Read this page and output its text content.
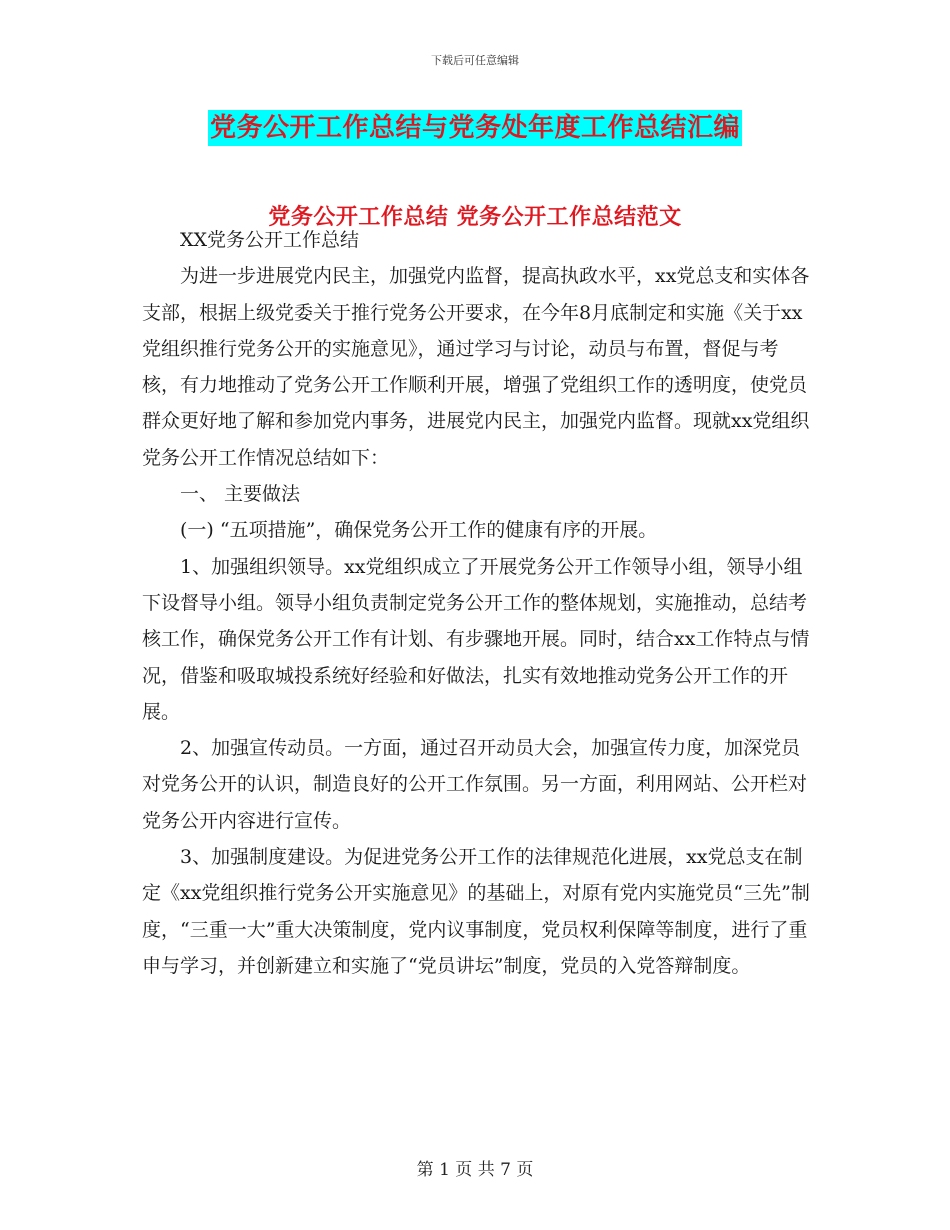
下载后可任意编辑
党务公开工作总结与党务处年度工作总结汇编
党务公开工作总结 党务公开工作总结范文

XX党务公开工作总结

为进一步进展党内民主，加强党内监督，提高执政水平，xx党总支和实体各支部，根据上级党委关于推行党务公开要求，在今年8月底制定和实施《关于xx党组织推行党务公开的实施意见》，通过学习与讨论，动员与布置，督促与考核，有力地推动了党务公开工作顺利开展，增强了党组织工作的透明度，使党员群众更好地了解和参加党内事务，进展党内民主，加强党内监督。现就xx党组织党务公开工作情况总结如下：

一、 主要做法

(一) “五项措施”，确保党务公开工作的健康有序的开展。

1、加强组织领导。xx党组织成立了开展党务公开工作领导小组，领导小组下设督导小组。领导小组负责制定党务公开工作的整体规划，实施推动，总结考核工作，确保党务公开工作有计划、有步骤地开展。同时，结合xx工作特点与情况，借鉴和吸取城投系统好经验和好做法，扎实有效地推动党务公开工作的开展。

2、加强宣传动员。一方面，通过召开动员大会，加强宣传力度，加深党员对党务公开的认识，制造良好的公开工作氛围。另一方面，利用网站、公开栏对党务公开内容进行宣传。

3、加强制度建设。为促进党务公开工作的法律规范化进展，xx党总支在制定《xx党组织推行党务公开实施意见》的基础上，对原有党内实施党员“三先”制度，“三重一大”重大决策制度，党内议事制度，党员权利保障等制度，进行了重申与学习，并创新建立和实施了“党员讲坛”制度，党员的入党答辩制度。

第 1 页 共 7 页
